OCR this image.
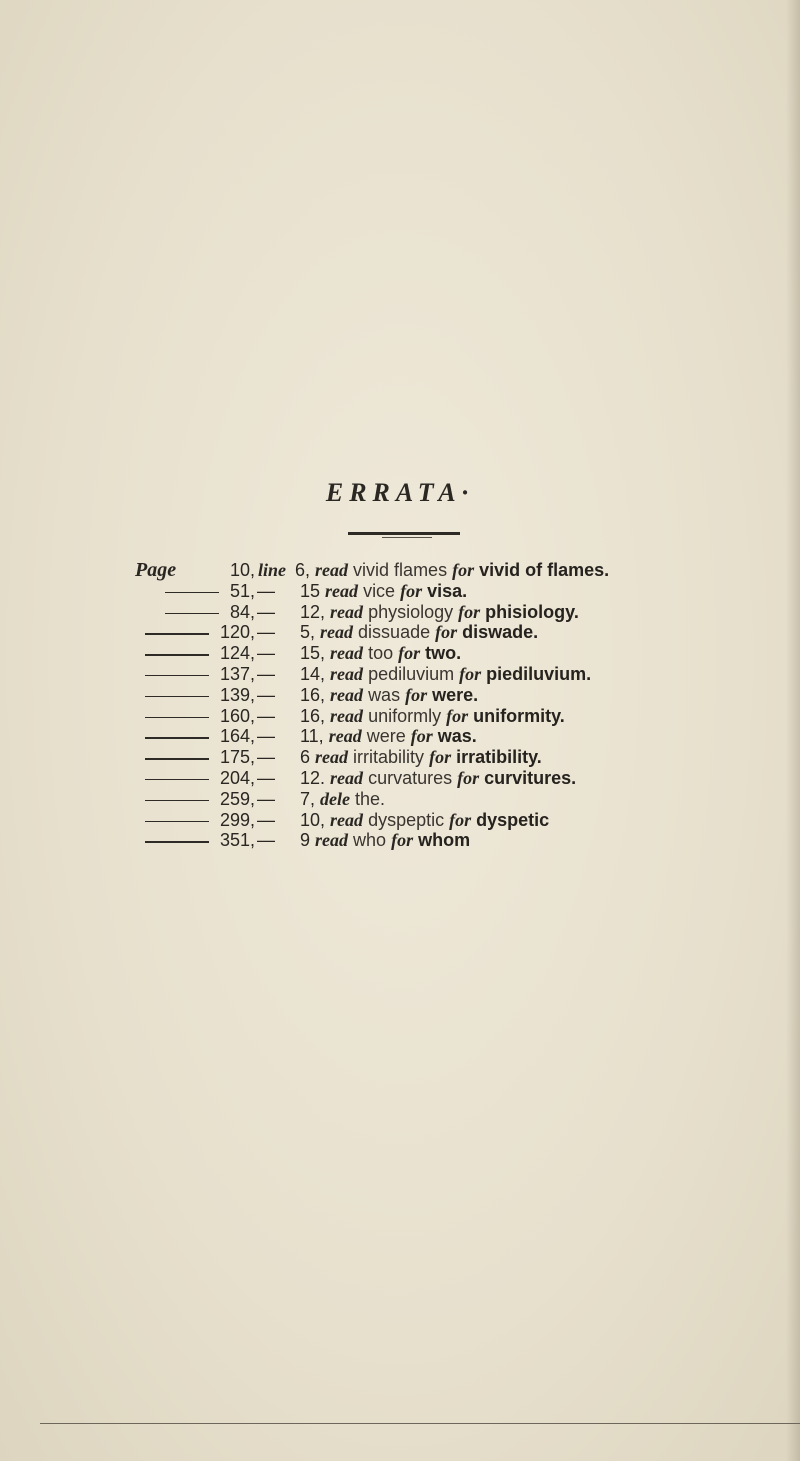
ERRATA·
Page	10, line 6, read vivid flames for vivid of flames.
51, — 15 read vice for visa.
84, — 12, read physiology for phisiology.
120, — 5, read dissuade for diswade.
124, — 15, read too for two.
137, — 14, read pediluvium for piediluvium.
139, — 16, read was for were.
160, — 16, read uniformly for uniformity.
164, — 11, read were for was.
175, — 6 read irritability for irratibility.
204, — 12. read curvatures for curvitures.
259, — 7, dele the.
299, — 10, read dyspeptic for dyspetic
351, — 9 read who for whom
